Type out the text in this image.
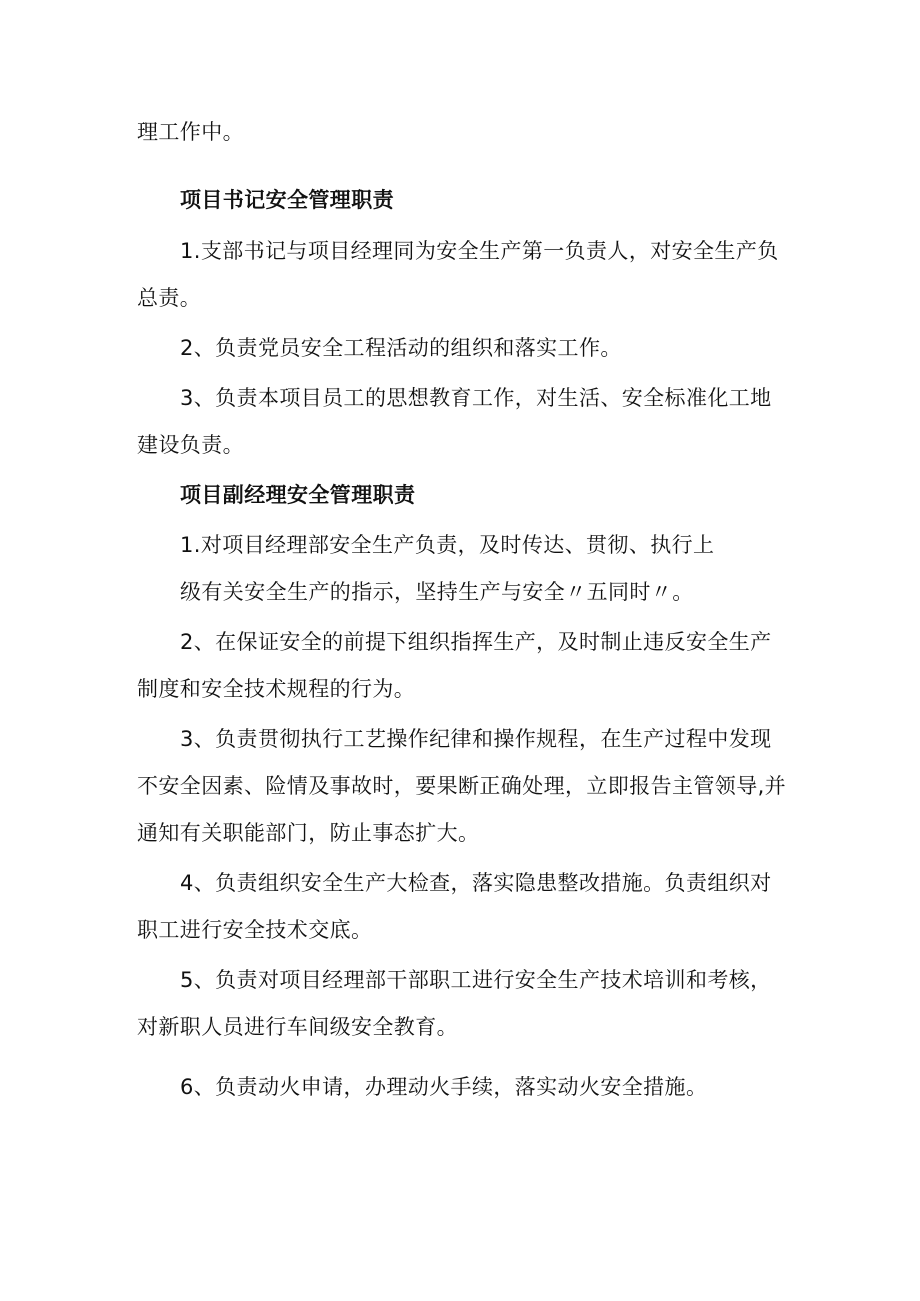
理工作中。
项目书记安全管理职责
1.支部书记与项目经理同为安全生产第一负责人，对安全生产负
总责。
2、负责党员安全工程活动的组织和落实工作。
3、负责本项目员工的思想教育工作，对生活、安全标准化工地
建设负责。
项目副经理安全管理职责
1.对项目经理部安全生产负责，及时传达、贯彻、执行上
级有关安全生产的指示，坚持生产与安全〃五同时〃。
2、在保证安全的前提下组织指挥生产，及时制止违反安全生产
制度和安全技术规程的行为。
3、负责贯彻执行工艺操作纪律和操作规程，在生产过程中发现
不安全因素、险情及事故时，要果断正确处理，立即报告主管领导,并
通知有关职能部门，防止事态扩大。
4、负责组织安全生产大检查，落实隐患整改措施。负责组织对
职工进行安全技术交底。
5、负责对项目经理部干部职工进行安全生产技术培训和考核，
对新职人员进行车间级安全教育。
6、负责动火申请，办理动火手续，落实动火安全措施。
